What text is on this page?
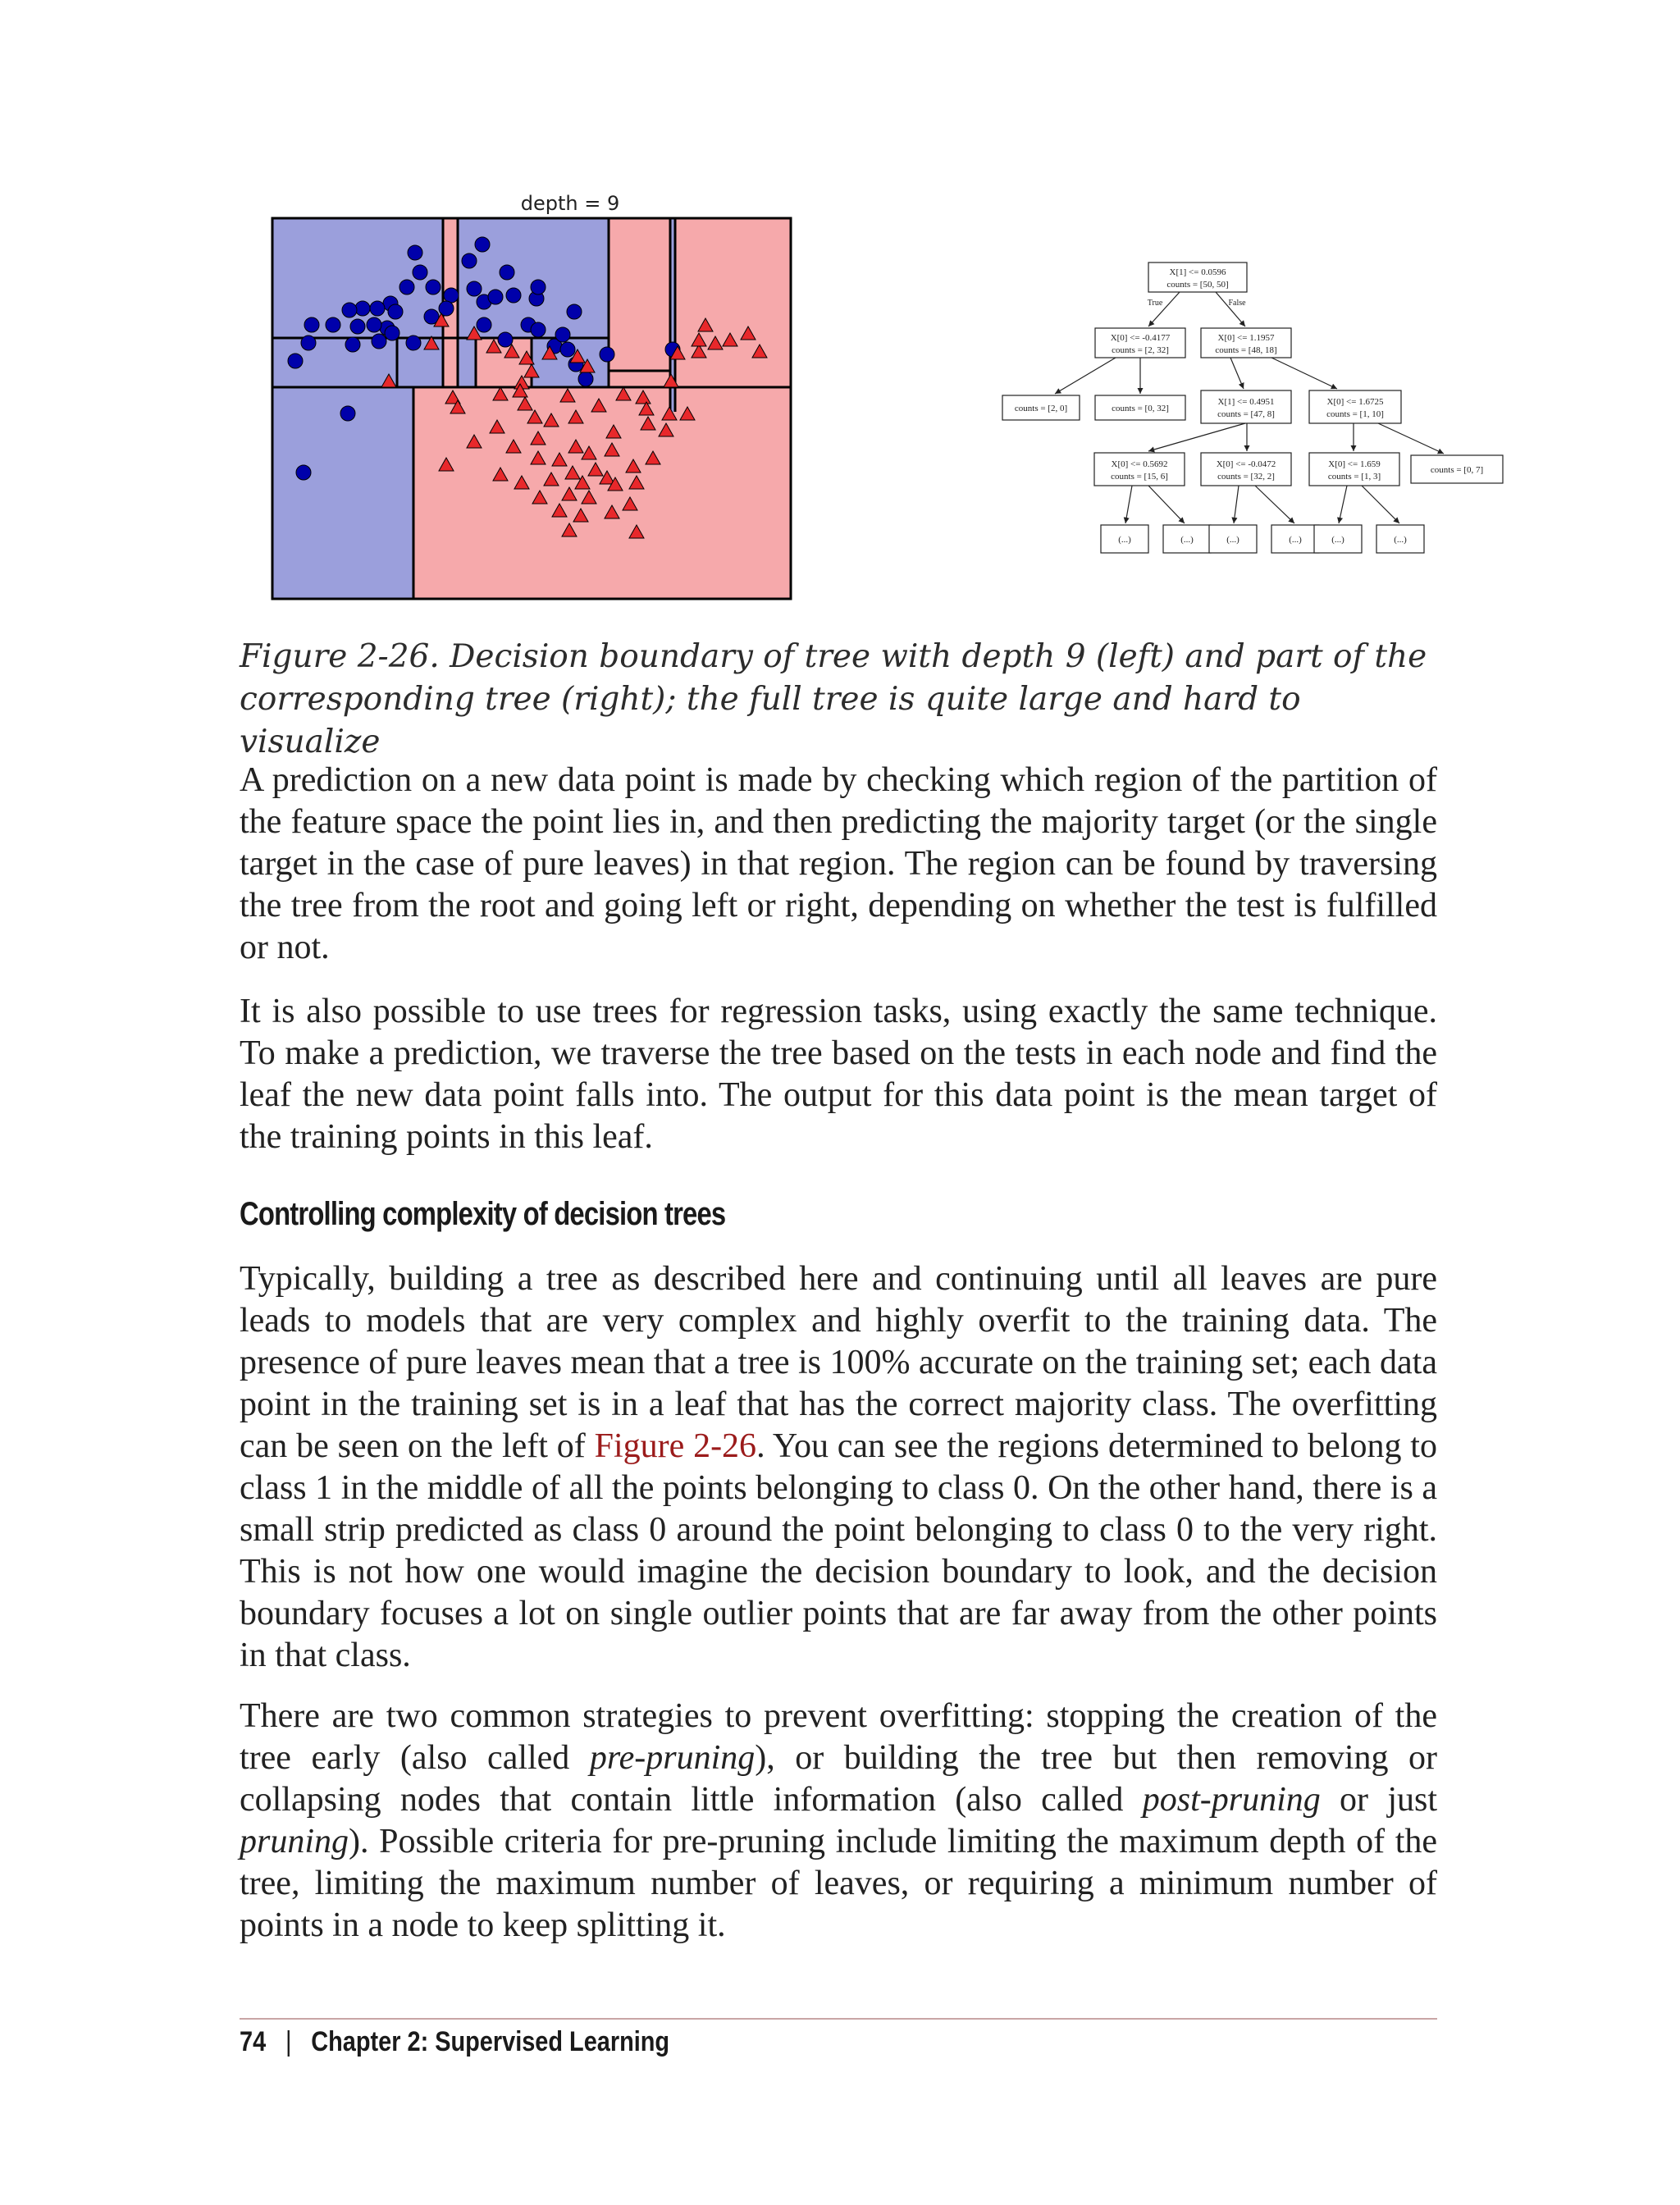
depth = 9
X[1] <= 0.0596
counts = [50, 50]
True	False
X[0] <= -0.4177
counts = [2, 32]
X[0] <= 1.1957
counts = [48, 18]
counts = [2, 0]	counts = [0, 32]
X[1] <= 0.4951
counts = [47, 8]
X[0] <= 1.6725
counts = [1, 10]
X[0] <= 0.5692
counts = [15, 6]
X[0] <= -0.0472
counts = [32, 2]
X[0] <= 1.659
counts = [1, 3]
counts = [0, 7]
(...)	(...)	(...)	(...)	(...)	(...)

Figure 2-26. Decision boundary of tree with depth 9 (left) and part of the corresponding tree (right); the full tree is quite large and hard to visualize

A prediction on a new data point is made by checking which region of the partition of the feature space the point lies in, and then predicting the majority target (or the single target in the case of pure leaves) in that region. The region can be found by traversing the tree from the root and going left or right, depending on whether the test is fulfilled or not.

It is also possible to use trees for regression tasks, using exactly the same technique. To make a prediction, we traverse the tree based on the tests in each node and find the leaf the new data point falls into. The output for this data point is the mean target of the training points in this leaf.

Controlling complexity of decision trees

Typically, building a tree as described here and continuing until all leaves are pure leads to models that are very complex and highly overfit to the training data. The presence of pure leaves mean that a tree is 100% accurate on the training set; each data point in the training set is in a leaf that has the correct majority class. The overfitting can be seen on the left of Figure 2-26. You can see the regions determined to belong to class 1 in the middle of all the points belonging to class 0. On the other hand, there is a small strip predicted as class 0 around the point belonging to class 0 to the very right. This is not how one would imagine the decision boundary to look, and the decision boundary focuses a lot on single outlier points that are far away from the other points in that class.

There are two common strategies to prevent overfitting: stopping the creation of the tree early (also called pre-pruning), or building the tree but then removing or collapsing nodes that contain little information (also called post-pruning or just pruning). Possible criteria for pre-pruning include limiting the maximum depth of the tree, limiting the maximum number of leaves, or requiring a minimum number of points in a node to keep splitting it.

74 | Chapter 2: Supervised Learning
